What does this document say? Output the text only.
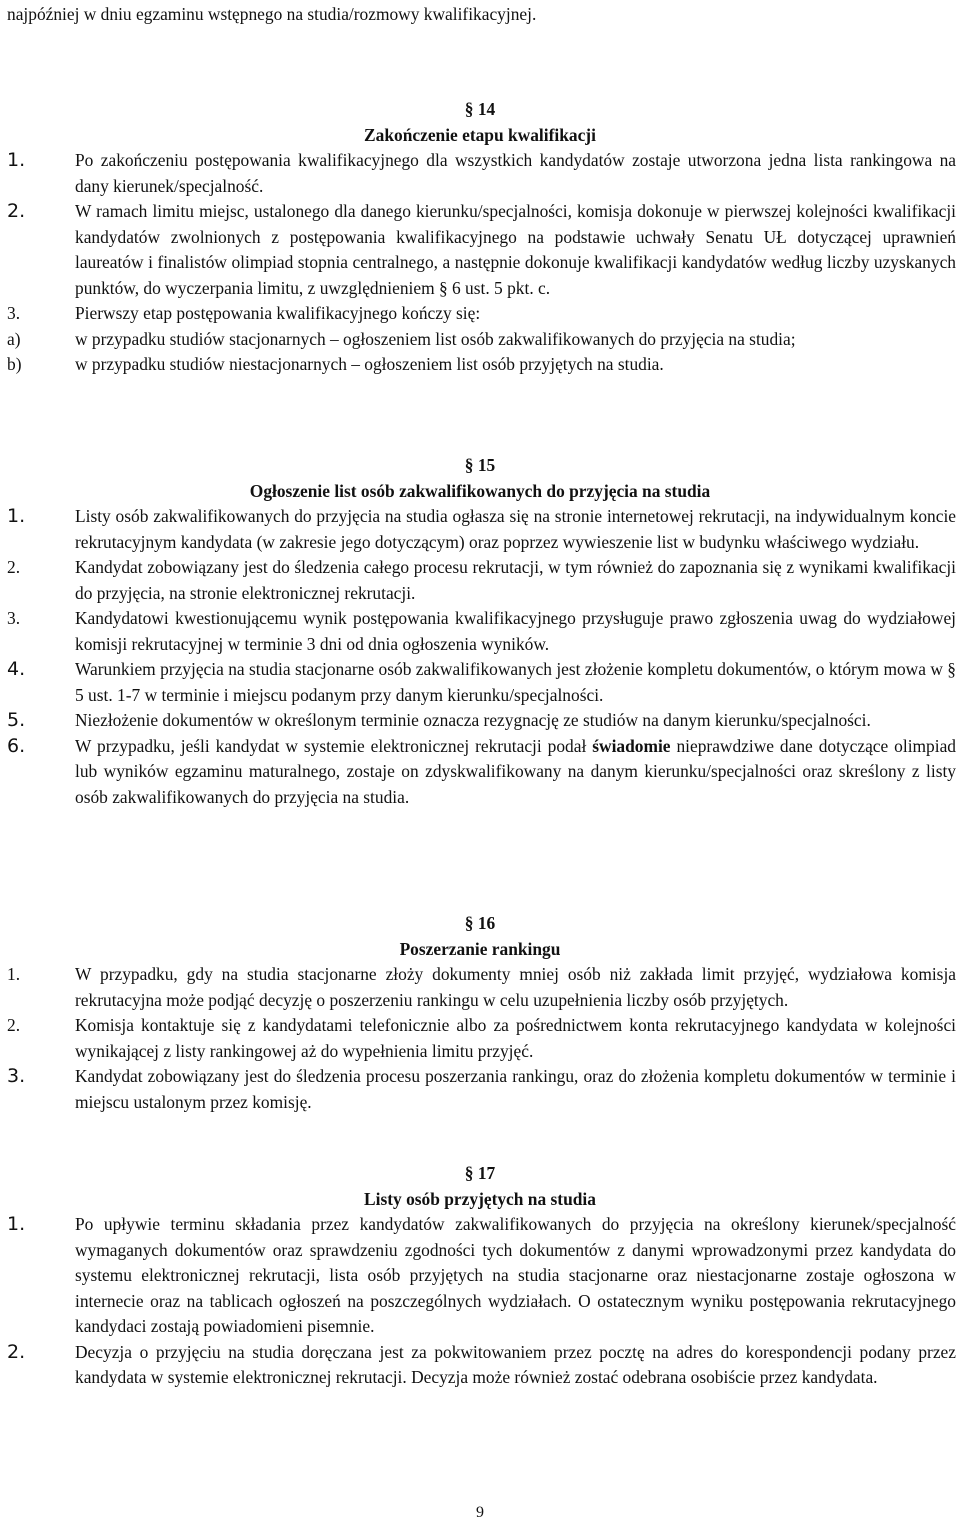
najpóźniej w dniu egzaminu wstępnego na studia/rozmowy kwalifikacyjnej.

§ 14
Zakończenie etapu kwalifikacji

1.	Po zakończeniu postępowania kwalifikacyjnego dla wszystkich kandydatów zostaje utworzona jedna lista rankingowa na dany kierunek/specjalność.

2.	W ramach limitu miejsc, ustalonego dla danego kierunku/specjalności, komisja dokonuje w pierwszej kolejności kwalifikacji kandydatów zwolnionych z postępowania kwalifikacyjnego na podstawie uchwały Senatu UŁ dotyczącej uprawnień laureatów i finalistów olimpiad stopnia centralnego, a następnie dokonuje kwalifikacji kandydatów według liczby uzyskanych punktów, do wyczerpania limitu, z uwzględnieniem § 6 ust. 5 pkt. c.

3.	Pierwszy etap postępowania kwalifikacyjnego kończy się:

a)	w przypadku studiów stacjonarnych – ogłoszeniem list osób zakwalifikowanych do przyjęcia na studia;

b)	w przypadku studiów niestacjonarnych – ogłoszeniem list osób przyjętych na studia.

§ 15
Ogłoszenie list osób zakwalifikowanych do przyjęcia na studia

1.	Listy osób zakwalifikowanych do przyjęcia na studia ogłasza się na stronie internetowej rekrutacji, na indywidualnym koncie rekrutacyjnym kandydata (w zakresie jego dotyczącym) oraz poprzez wywieszenie list w budynku właściwego wydziału.

2.	Kandydat zobowiązany jest do śledzenia całego procesu rekrutacji, w tym również do zapoznania się z wynikami kwalifikacji do przyjęcia, na stronie elektronicznej rekrutacji.

3.	Kandydatowi kwestionującemu wynik postępowania kwalifikacyjnego przysługuje prawo zgłoszenia uwag do wydziałowej komisji rekrutacyjnej w terminie 3 dni od dnia ogłoszenia wyników.

4.	Warunkiem przyjęcia na studia stacjonarne osób zakwalifikowanych jest złożenie kompletu dokumentów, o którym mowa w § 5 ust. 1-7 w terminie i miejscu podanym przy danym kierunku/specjalności.

5.	Niezłożenie dokumentów w określonym terminie oznacza rezygnację ze studiów na danym kierunku/specjalności.

6.	W przypadku, jeśli kandydat w systemie elektronicznej rekrutacji podał świadomie nieprawdziwe dane dotyczące olimpiad lub wyników egzaminu maturalnego, zostaje on zdyskwalifikowany na danym kierunku/specjalności oraz skreślony z listy osób zakwalifikowanych do przyjęcia na studia.

§ 16
Poszerzanie rankingu

1.	W przypadku, gdy na studia stacjonarne złoży dokumenty mniej osób niż zakłada limit przyjęć, wydziałowa komisja rekrutacyjna może podjąć decyzję o poszerzeniu rankingu w celu uzupełnienia liczby osób przyjętych.

2.	Komisja kontaktuje się z kandydatami telefonicznie albo za pośrednictwem konta rekrutacyjnego kandydata w kolejności wynikającej z listy rankingowej aż do wypełnienia limitu przyjęć.

3.	Kandydat zobowiązany jest do śledzenia procesu poszerzania rankingu, oraz do złożenia kompletu dokumentów w terminie i miejscu ustalonym przez komisję.

§ 17
Listy osób przyjętych na studia

1.	Po upływie terminu składania przez kandydatów zakwalifikowanych do przyjęcia na określony kierunek/specjalność wymaganych dokumentów oraz sprawdzeniu zgodności tych dokumentów z danymi wprowadzonymi przez kandydata do systemu elektronicznej rekrutacji, lista osób przyjętych na studia stacjonarne oraz niestacjonarne zostaje ogłoszona w internecie oraz na tablicach ogłoszeń na poszczególnych wydziałach. O ostatecznym wyniku postępowania rekrutacyjnego kandydaci zostają powiadomieni pisemnie.

2.	Decyzja o przyjęciu na studia doręczana jest za pokwitowaniem przez pocztę na adres do korespondencji podany przez kandydata w systemie elektronicznej rekrutacji. Decyzja może również zostać odebrana osobiście przez kandydata.

9
